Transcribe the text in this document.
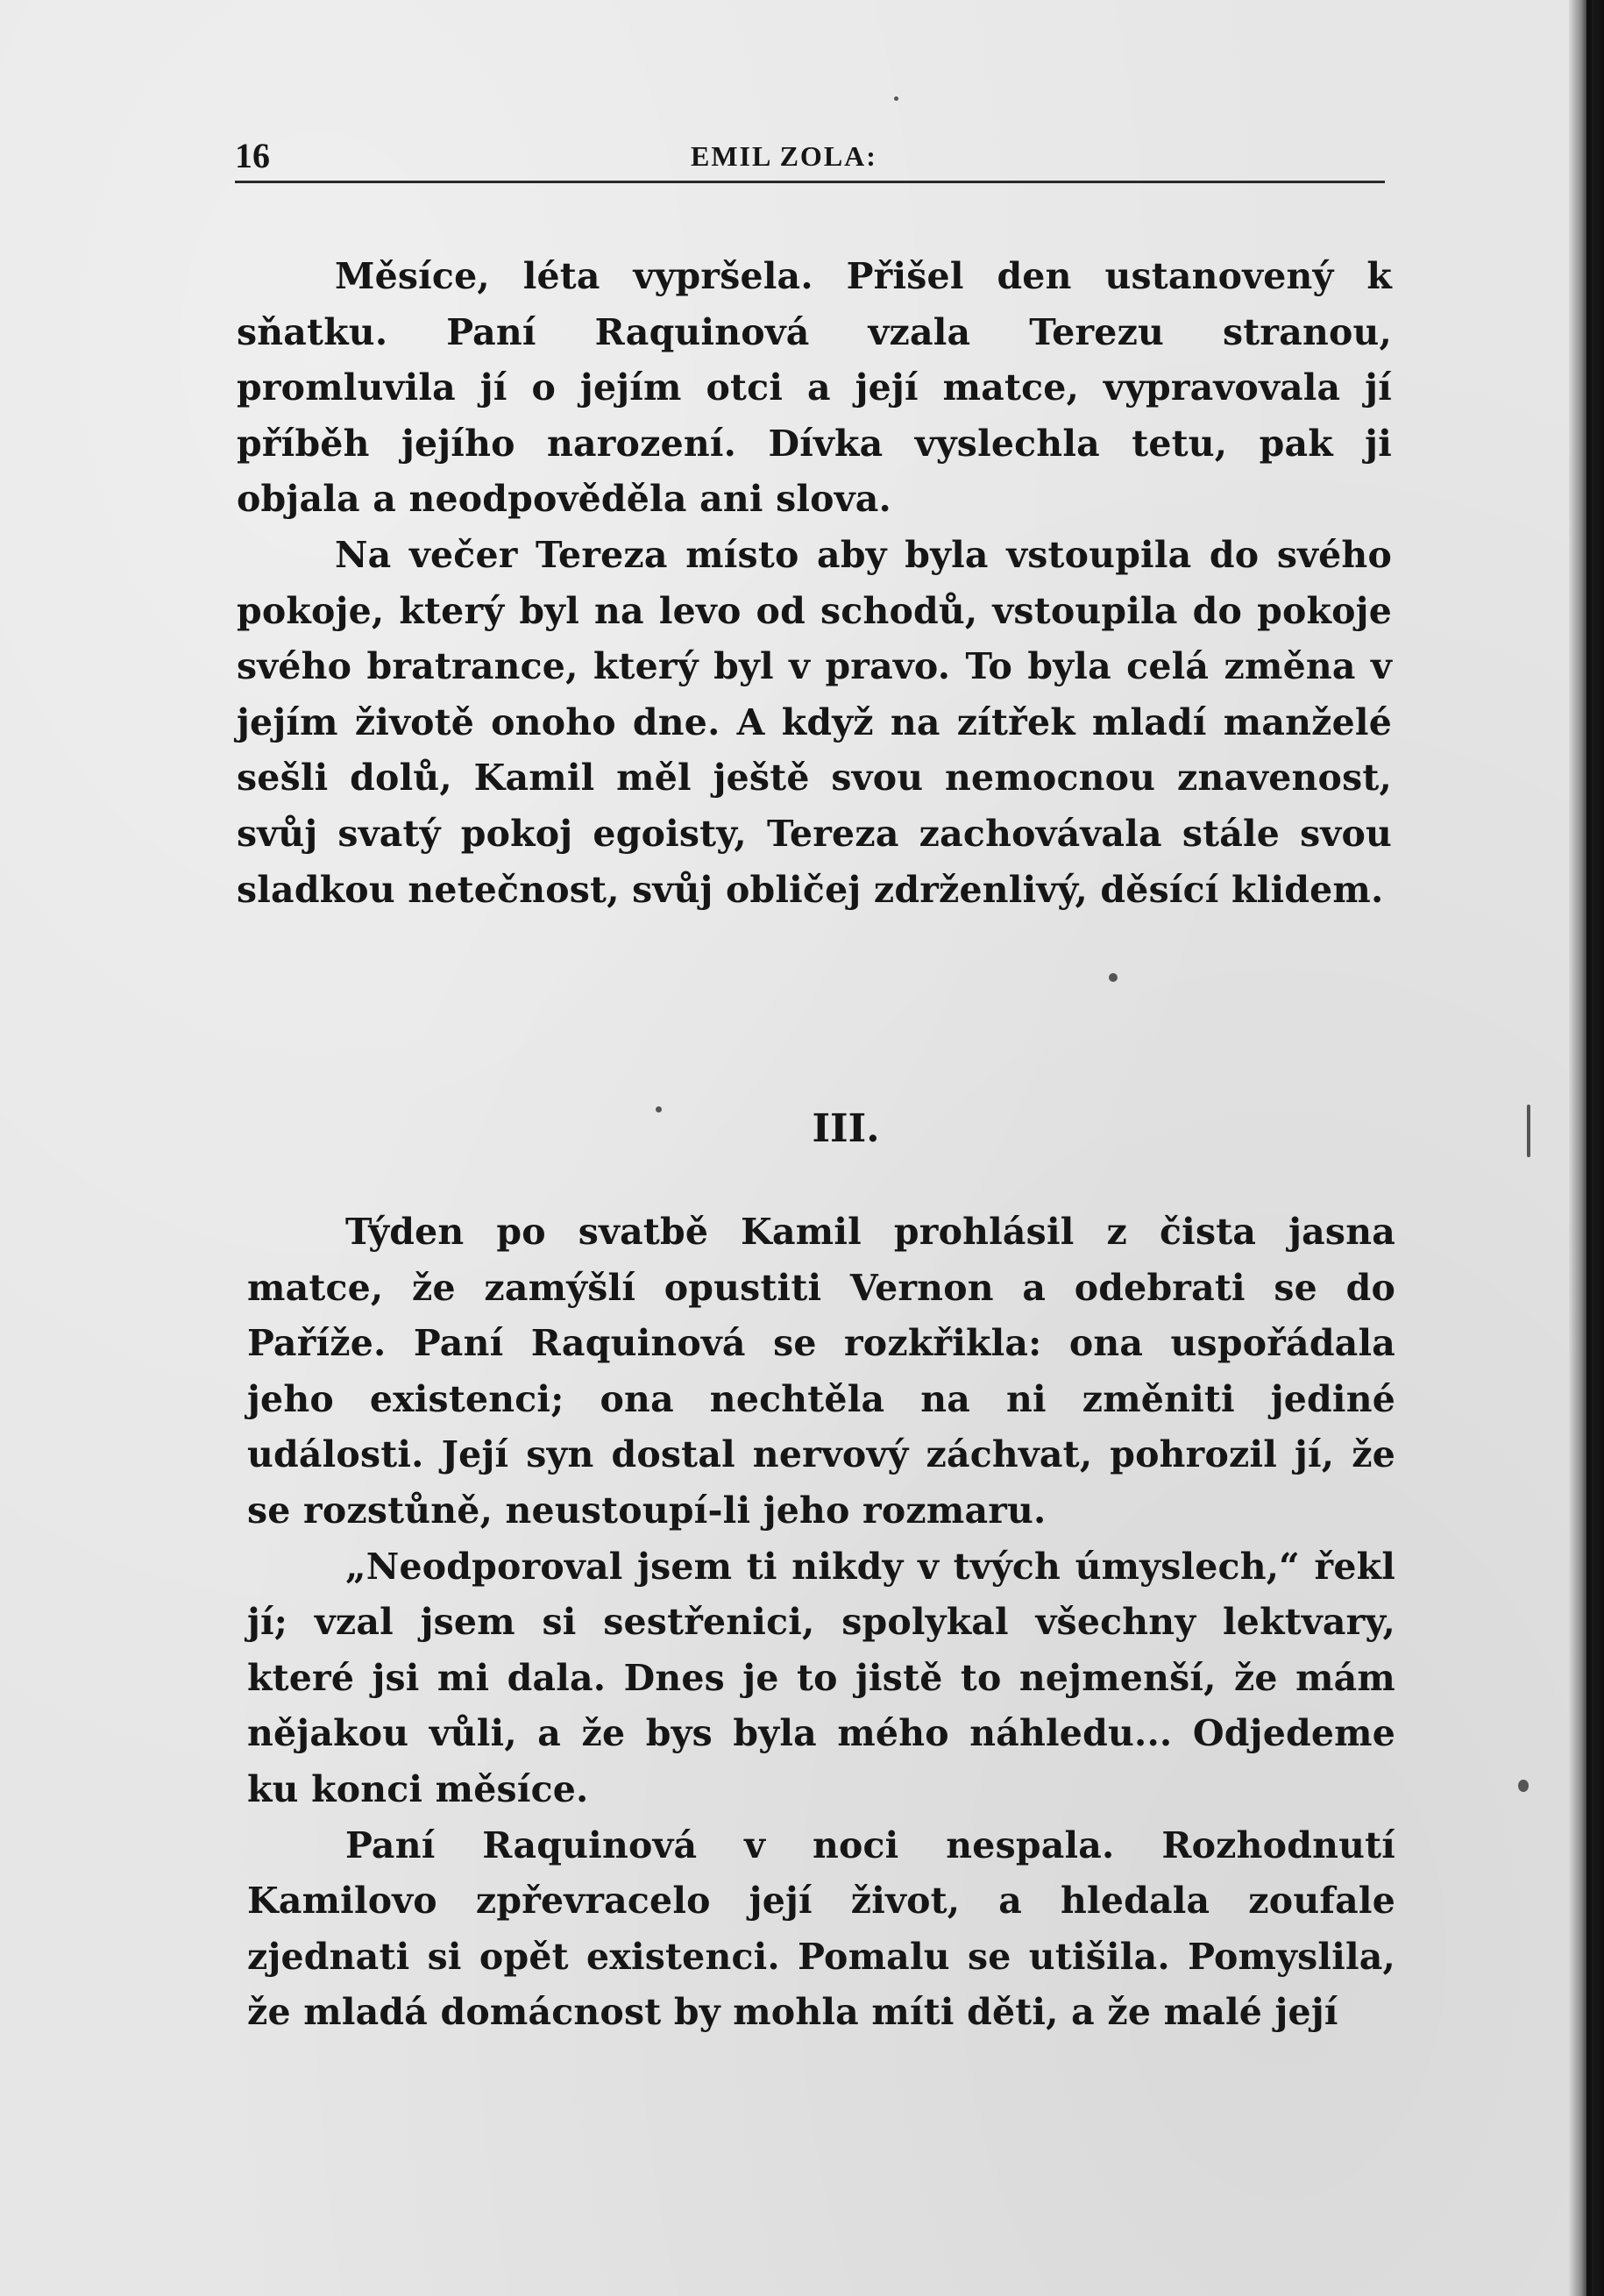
16	EMIL ZOLA:

Měsíce, léta vypršela. Přišel den ustanovený k sňatku. Paní Raquinová vzala Terezu stranou, promluvila jí o jejím otci a její matce, vypravovala jí příběh jejího narození. Dívka vyslechla tetu, pak ji objala a neodpověděla ani slova.

Na večer Tereza místo aby byla vstoupila do svého pokoje, který byl na levo od schodů, vstoupila do pokoje svého bratrance, který byl v pravo. To byla celá změna v jejím životě onoho dne. A když na zítřek mladí manželé sešli dolů, Kamil měl ještě svou nemocnou znavenost, svůj svatý pokoj egoisty, Tereza zachovávala stále svou sladkou netečnost, svůj obličej zdrženlivý, děsící klidem.

III.

Týden po svatbě Kamil prohlásil z čista jasna matce, že zamýšlí opustiti Vernon a odebrati se do Paříže. Paní Raquinová se rozkřikla: ona uspořádala jeho existenci; ona nechtěla na ni změniti jediné události. Její syn dostal nervový záchvat, pohrozil jí, že se rozstůně, neustoupí-li jeho rozmaru.

„Neodporoval jsem ti nikdy v tvých úmyslech,“ řekl jí; vzal jsem si sestřenici, spolykal všechny lektvary, které jsi mi dala. Dnes je to jistě to nejmenší, že mám nějakou vůli, a že bys byla mého náhledu... Odjedeme ku konci měsíce.

Paní Raquinová v noci nespala. Rozhodnutí Kamilovo zpřevracelo její život, a hledala zoufale zjednati si opět existenci. Pomalu se utišila. Pomyslila, že mladá domácnost by mohla míti děti, a že malé její
